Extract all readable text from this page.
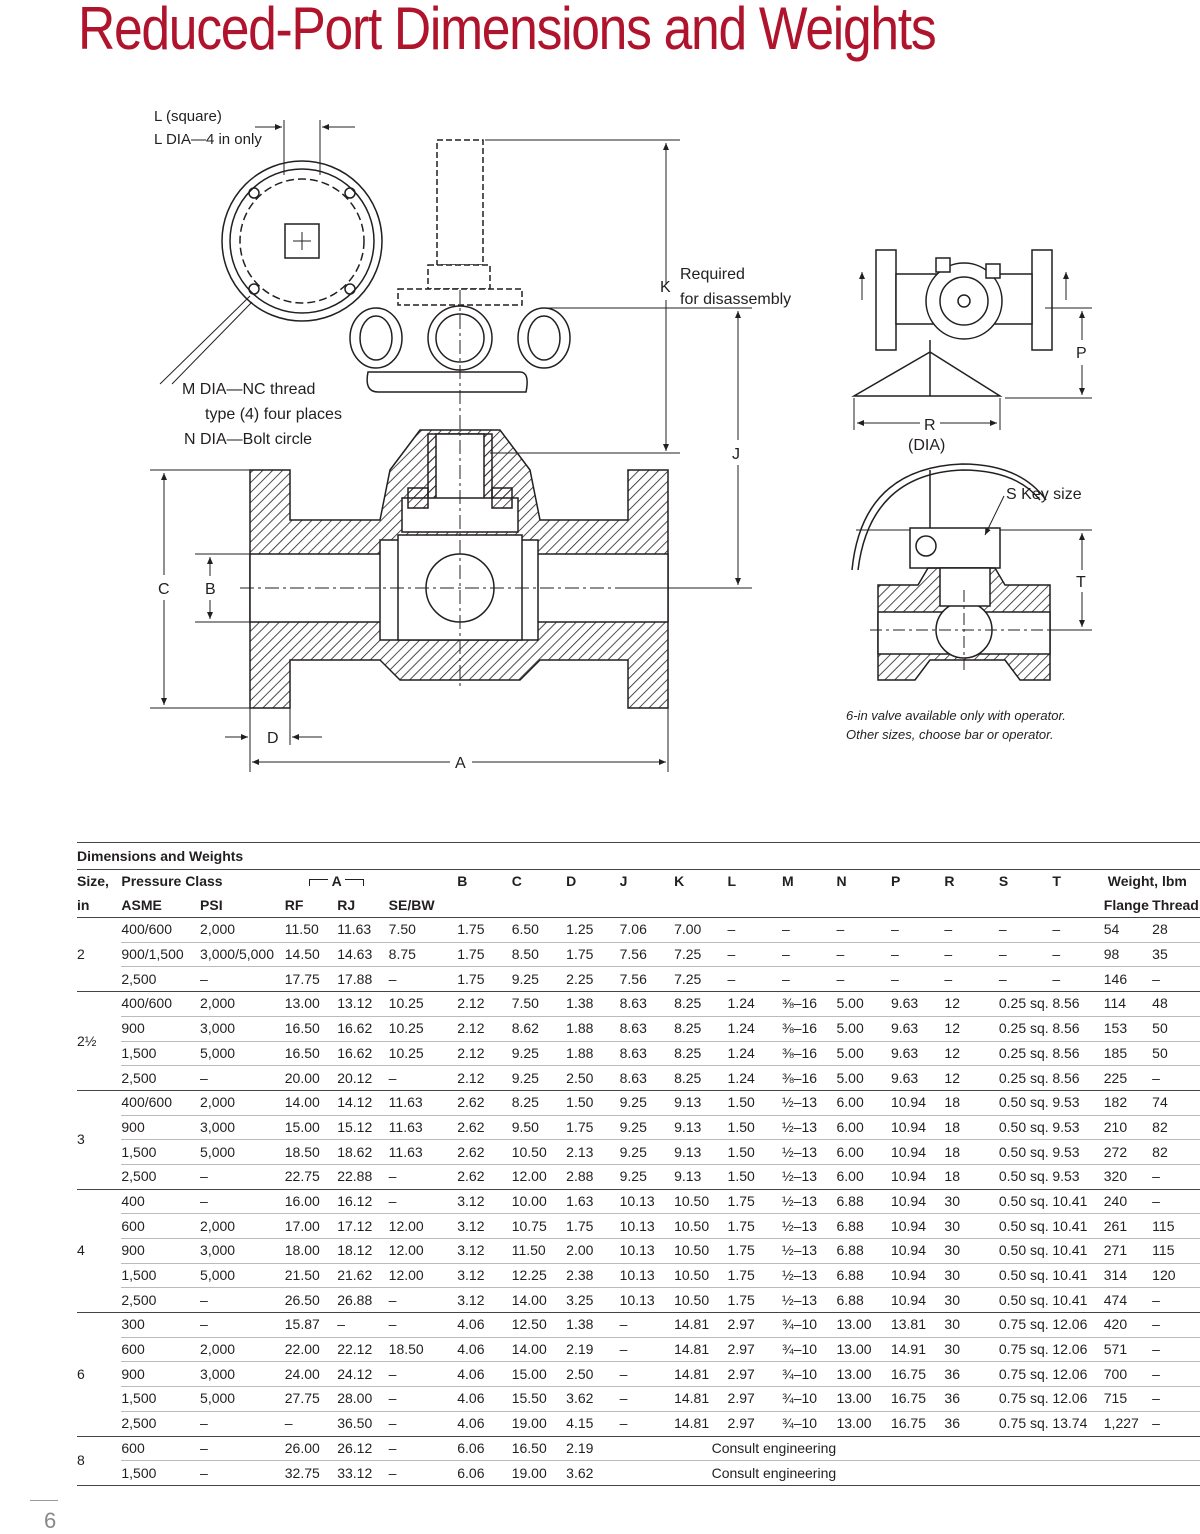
Reduced-Port Dimensions and Weights
L (square)
L DIA—4 in only
M DIA—NC thread
type (4) four places
N DIA—Bolt circle
K
Required
for disassembly
J
C B
D
A
P
R
(DIA)
S Key size
T
6-in valve available only with operator.
Other sizes, choose bar or operator.
Dimensions and Weights																			
Size,	Pressure Class		A			B	C	D	J	K	L	M	N	P	R	S	T	Weight, lbm	
in	ASME	PSI	RF	RJ	SE/BW													Flange	Thread
2	400/600	2,000	11.50	11.63	7.50	1.75	6.50	1.25	7.06	7.00	–	–	–	–	–	–	–	54	28
	900/1,500	3,000/5,000	14.50	14.63	8.75	1.75	8.50	1.75	7.56	7.25	–	–	–	–	–	–	–	98	35
	2,500	–	17.75	17.88	–	1.75	9.25	2.25	7.56	7.25	–	–	–	–	–	–	–	146	–
2½	400/600	2,000	13.00	13.12	10.25	2.12	7.50	1.38	8.63	8.25	1.24	⅜–16	5.00	9.63	12	0.25 sq.	8.56	114	48
	900	3,000	16.50	16.62	10.25	2.12	8.62	1.88	8.63	8.25	1.24	⅜–16	5.00	9.63	12	0.25 sq.	8.56	153	50
	1,500	5,000	16.50	16.62	10.25	2.12	9.25	1.88	8.63	8.25	1.24	⅜–16	5.00	9.63	12	0.25 sq.	8.56	185	50
	2,500	–	20.00	20.12	–	2.12	9.25	2.50	8.63	8.25	1.24	⅜–16	5.00	9.63	12	0.25 sq.	8.56	225	–
3	400/600	2,000	14.00	14.12	11.63	2.62	8.25	1.50	9.25	9.13	1.50	½–13	6.00	10.94	18	0.50 sq.	9.53	182	74
	900	3,000	15.00	15.12	11.63	2.62	9.50	1.75	9.25	9.13	1.50	½–13	6.00	10.94	18	0.50 sq.	9.53	210	82
	1,500	5,000	18.50	18.62	11.63	2.62	10.50	2.13	9.25	9.13	1.50	½–13	6.00	10.94	18	0.50 sq.	9.53	272	82
	2,500	–	22.75	22.88	–	2.62	12.00	2.88	9.25	9.13	1.50	½–13	6.00	10.94	18	0.50 sq.	9.53	320	–
4	400	–	16.00	16.12	–	3.12	10.00	1.63	10.13	10.50	1.75	½–13	6.88	10.94	30	0.50 sq.	10.41	240	–
	600	2,000	17.00	17.12	12.00	3.12	10.75	1.75	10.13	10.50	1.75	½–13	6.88	10.94	30	0.50 sq.	10.41	261	115
	900	3,000	18.00	18.12	12.00	3.12	11.50	2.00	10.13	10.50	1.75	½–13	6.88	10.94	30	0.50 sq.	10.41	271	115
	1,500	5,000	21.50	21.62	12.00	3.12	12.25	2.38	10.13	10.50	1.75	½–13	6.88	10.94	30	0.50 sq.	10.41	314	120
	2,500	–	26.50	26.88	–	3.12	14.00	3.25	10.13	10.50	1.75	½–13	6.88	10.94	30	0.50 sq.	10.41	474	–
6	300	–	15.87	–	–	4.06	12.50	1.38	–	14.81	2.97	¾–10	13.00	13.81	30	0.75 sq.	12.06	420	–
	600	2,000	22.00	22.12	18.50	4.06	14.00	2.19	–	14.81	2.97	¾–10	13.00	14.91	30	0.75 sq.	12.06	571	–
	900	3,000	24.00	24.12	–	4.06	15.00	2.50	–	14.81	2.97	¾–10	13.00	16.75	36	0.75 sq.	12.06	700	–
	1,500	5,000	27.75	28.00	–	4.06	15.50	3.62	–	14.81	2.97	¾–10	13.00	16.75	36	0.75 sq.	12.06	715	–
	2,500	–	–	36.50	–	4.06	19.00	4.15	–	14.81	2.97	¾–10	13.00	16.75	36	0.75 sq.	13.74	1,227	–
8	600	–	26.00	26.12	–	6.06	16.50	2.19	Consult engineering										
	1,500	–	32.75	33.12	–	6.06	19.00	3.62	Consult engineering										
6
